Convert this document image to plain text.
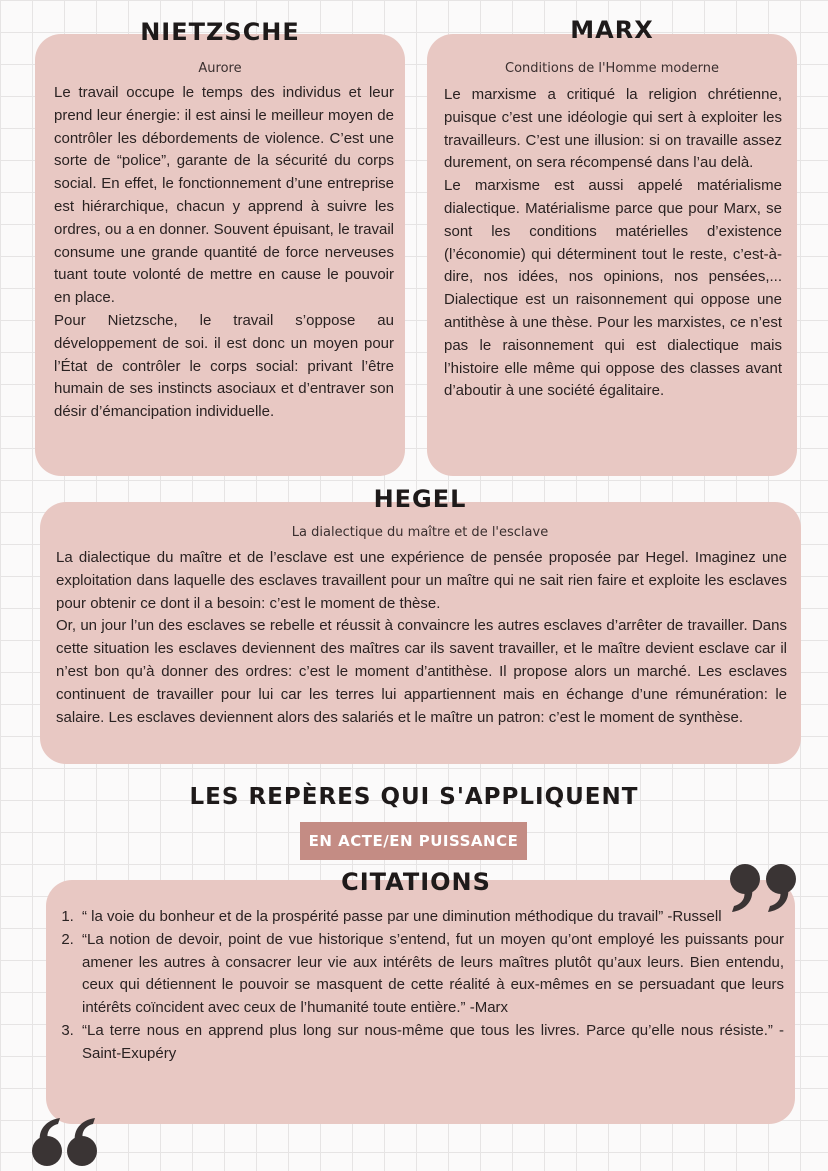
NIETZSCHE
Aurore

Le travail occupe le temps des individus et leur prend leur énergie: il est ainsi le meilleur moyen de contrôler les débordements de violence. C’est une sorte de “police”, garante de la sécurité du corps social. En effet, le fonctionnement d’une entreprise est hiérarchique, chacun y apprend à suivre les ordres, ou a en donner. Souvent épuisant, le travail consume une grande quantité de force nerveuses tuant toute volonté de mettre en cause le pouvoir en place.

Pour Nietzsche, le travail s’oppose au développement de soi. il est donc un moyen pour l’État de contrôler le corps social: privant l’être humain de ses instincts asociaux et d’entraver son désir d’émancipation individuelle.

MARX
Conditions de l'Homme moderne

Le marxisme a critiqué la religion chrétienne, puisque c’est une idéologie qui sert à exploiter les travailleurs. C’est une illusion: si on travaille assez durement, on sera récompensé dans l’au delà.

Le marxisme est aussi appelé matérialisme dialectique. Matérialisme parce que pour Marx, se sont les conditions matérielles d’existence (l’économie) qui déterminent tout le reste, c’est-à-dire, nos idées, nos opinions, nos pensées,... Dialectique est un raisonnement qui oppose une antithèse à une thèse. Pour les marxistes, ce n’est pas le raisonnement qui est dialectique mais l’histoire elle même qui oppose des classes avant d’aboutir à une société égalitaire.

HEGEL
La dialectique du maître et de l'esclave

La dialectique du maître et de l’esclave est une expérience de pensée proposée par Hegel. Imaginez une exploitation dans laquelle des esclaves travaillent pour un maître qui ne sait rien faire et exploite les esclaves pour obtenir ce dont il a besoin: c’est le moment de thèse.

Or, un jour l’un des esclaves se rebelle et réussit à convaincre les autres esclaves d’arrêter de travailler. Dans cette situation les esclaves deviennent des maîtres car ils savent travailler, et le maître devient esclave car il n’est bon qu’à donner des ordres: c’est le moment d’antithèse. Il propose alors un marché. Les esclaves continuent de travailler pour lui car les terres lui appartiennent mais en échange d’une rémunération: le salaire. Les esclaves deviennent alors des salariés et le maître un patron: c’est le moment de synthèse.

LES REPÈRES QUI S'APPLIQUENT
EN ACTE/EN PUISSANCE
CITATIONS
1. “ la voie du bonheur et de la prospérité passe par une diminution méthodique du travail” -Russell
2. “La notion de devoir, point de vue historique s’entend, fut un moyen qu’ont employé les puissants pour amener les autres à consacrer leur vie aux intérêts de leurs maîtres plutôt qu’aux leurs. Bien entendu, ceux qui détiennent le pouvoir se masquent de cette réalité à eux-mêmes en se persuadant que leurs intérêts coïncident avec ceux de l’humanité toute entière.” -Marx
3. “La terre nous en apprend plus long sur nous-même que tous les livres. Parce qu’elle nous résiste.” -Saint-Exupéry
